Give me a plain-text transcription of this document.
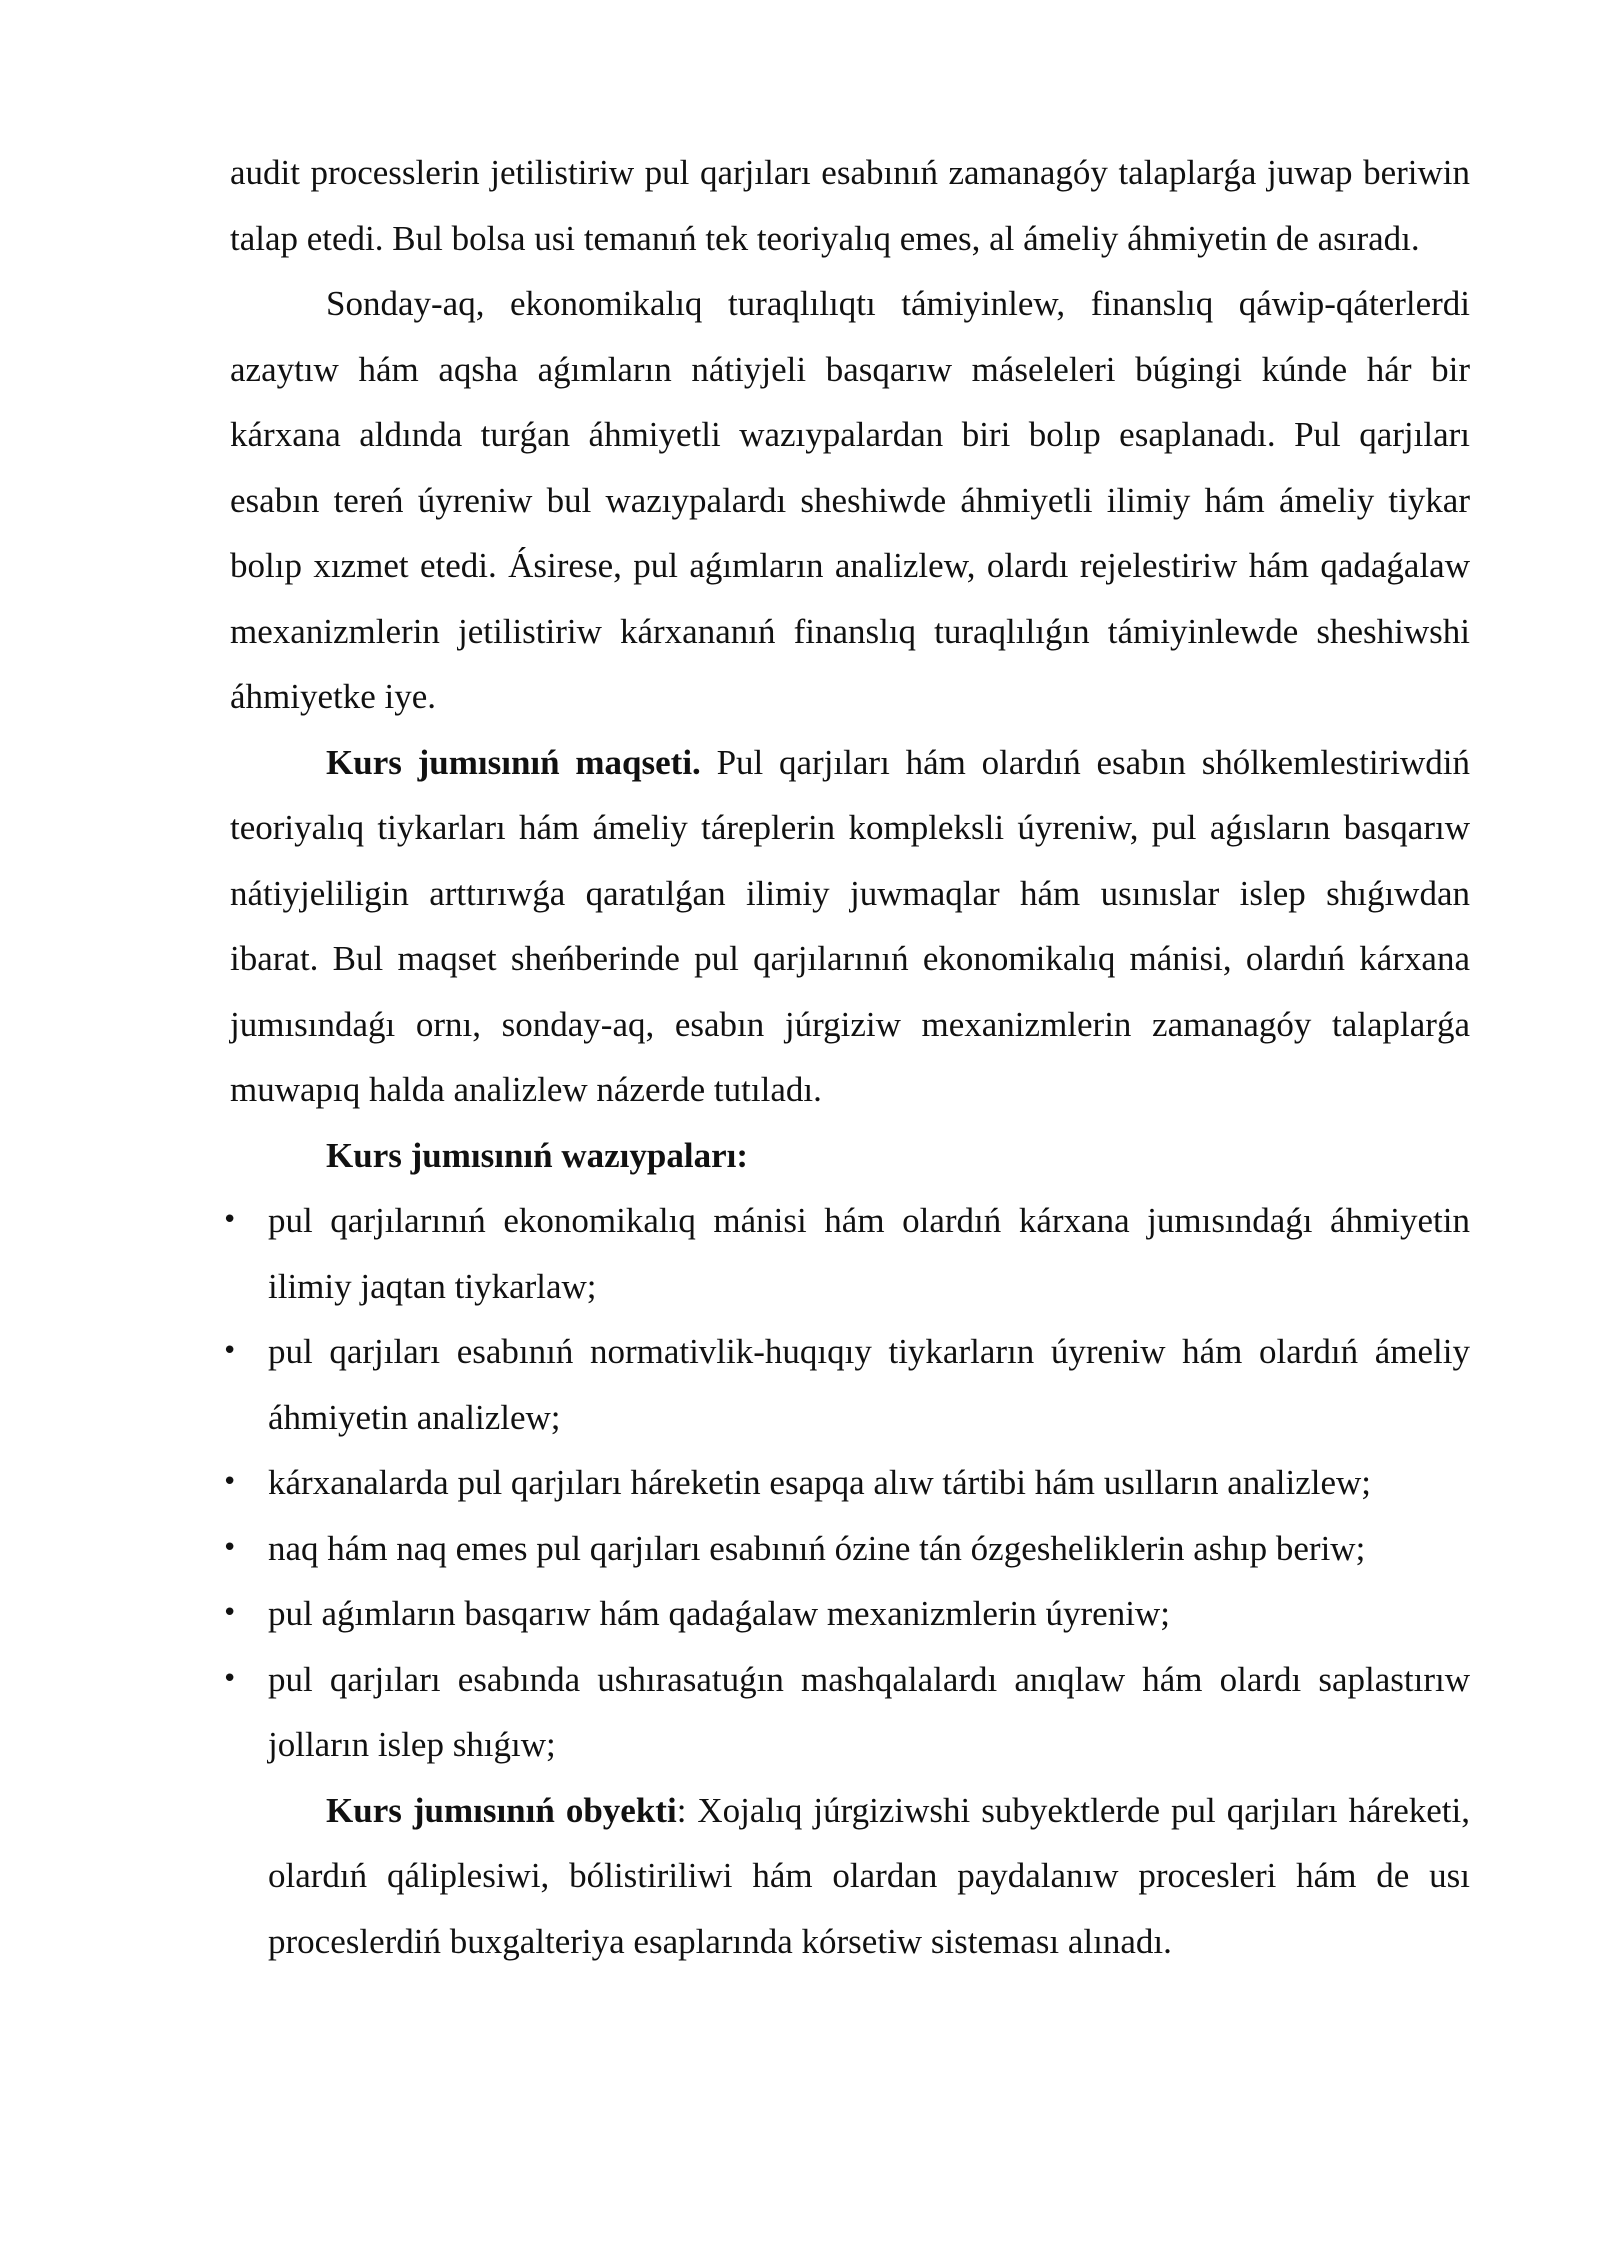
audit processlerin jetilistiriw pul qarjıları esabınıń zamanagóy talaplarǵa juwap beriwin talap etedi. Bul bolsa usi temanıń tek teoriyalıq emes, al ámeliy áhmiyetin de asıradı.

Sonday-aq, ekonomikalıq turaqlılıqtı támiyinlew, finanslıq qáwip-qáterlerdi azaytıw hám aqsha aǵımların nátiyjeli basqarıw máseleleri búgingi kúnde hár bir kárxana aldında turǵan áhmiyetli wazıypalardan biri bolıp esaplanadı. Pul qarjıları esabın tereń úyreniw bul wazıypalardı sheshiwde áhmiyetli ilimiy hám ámeliy tiykar bolıp xızmet etedi. Ásirese, pul aǵımların analizlew, olardı rejelestiriw hám qadaǵalaw mexanizmlerin jetilistiriw kárxananıń finanslıq turaqlılıǵın támiyinlewde sheshiwshi áhmiyetke iye.

Kurs jumısınıń maqseti. Pul qarjıları hám olardıń esabın shólkemlestiriwdiń teoriyalıq tiykarları hám ámeliy táreplerin kompleksli úyreniw, pul aǵısların basqarıw nátiyjeliligin arttırıwǵa qaratılǵan ilimiy juwmaqlar hám usınıslar islep shıǵıwdan ibarat. Bul maqset sheńberinde pul qarjılarınıń ekonomikalıq mánisi, olardıń kárxana jumısındaǵı ornı, sonday-aq, esabın júrgiziw mexanizmlerin zamanagóy talaplarǵa muwapıq halda analizlew názerde tutıladı.

Kurs jumısınıń wazıypaları:
• pul qarjılarınıń ekonomikalıq mánisi hám olardıń kárxana jumısındaǵı áhmiyetin ilimiy jaqtan tiykarlaw;
• pul qarjıları esabınıń normativlik-huqıqıy tiykarların úyreniw hám olardıń ámeliy áhmiyetin analizlew;
• kárxanalarda pul qarjıları háreketin esapqa alıw tártibi hám usılların analizlew;
• naq hám naq emes pul qarjıları esabınıń ózine tán ózgesheliklerin ashıp beriw;
• pul aǵımların basqarıw hám qadaǵalaw mexanizmlerin úyreniw;
• pul qarjıları esabında ushırasatuǵın mashqalalardı anıqlaw hám olardı saplastırıw jolların islep shıǵıw;

Kurs jumısınıń obyekti: Xojalıq júrgiziwshi subyektlerde pul qarjıları háreketi, olardıń qáliplesiwi, bólistiriliwi hám olardan paydalanıw procesleri hám de usı proceslerdiń buxgalteriya esaplarında kórsetiw sisteması alınadı.
